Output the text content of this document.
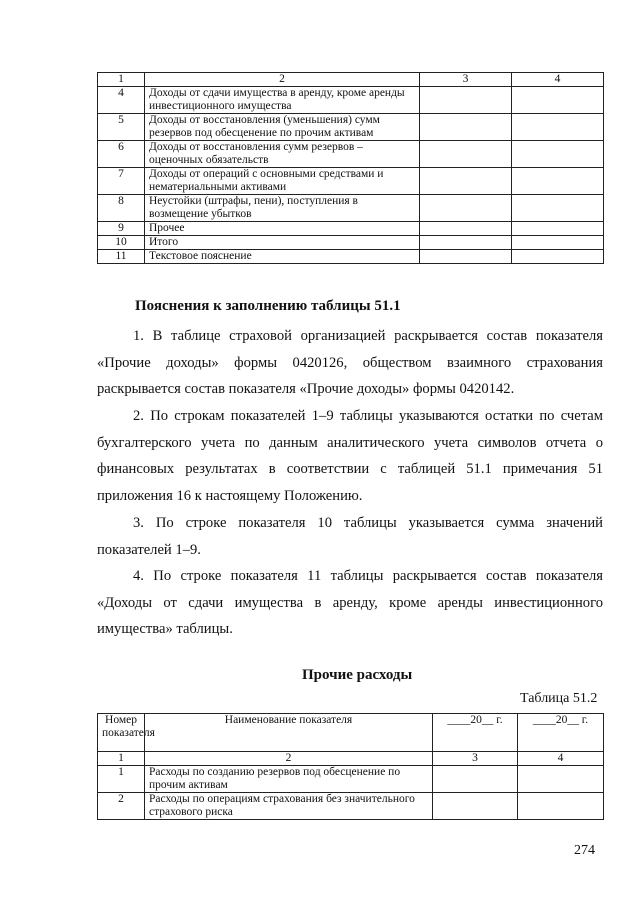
1	2	3	4
4	Доходы от сдачи имущества в аренду, кроме аренды инвестиционного имущества		
5	Доходы от восстановления (уменьшения) сумм резервов под обесценение по прочим активам		
6	Доходы от восстановления сумм резервов – оценочных обязательств		
7	Доходы от операций с основными средствами и нематериальными активами		
8	Неустойки (штрафы, пени), поступления в возмещение убытков		
9	Прочее		
10	Итого		
11	Текстовое пояснение		
Пояснения к заполнению таблицы 51.1

1. В таблице страховой организацией раскрывается состав показателя «Прочие доходы» формы 0420126, обществом взаимного страхования раскрывается состав показателя «Прочие доходы» формы 0420142.

2. По строкам показателей 1–9 таблицы указываются остатки по счетам бухгалтерского учета по данным аналитического учета символов отчета о финансовых результатах в соответствии с таблицей 51.1 примечания 51 приложения 16 к настоящему Положению.

3. По строке показателя 10 таблицы указывается сумма значений показателей 1–9.

4. По строке показателя 11 таблицы раскрывается состав показателя «Доходы от сдачи имущества в аренду, кроме аренды инвестиционного имущества» таблицы.

Прочие расходы
Таблица 51.2
Номер показателя	Наименование показателя	____20__ г.	____20__ г.
1	2	3	4
1	Расходы по созданию резервов под обесценение по прочим активам		
2	Расходы по операциям страхования без значительного страхового риска		
274
